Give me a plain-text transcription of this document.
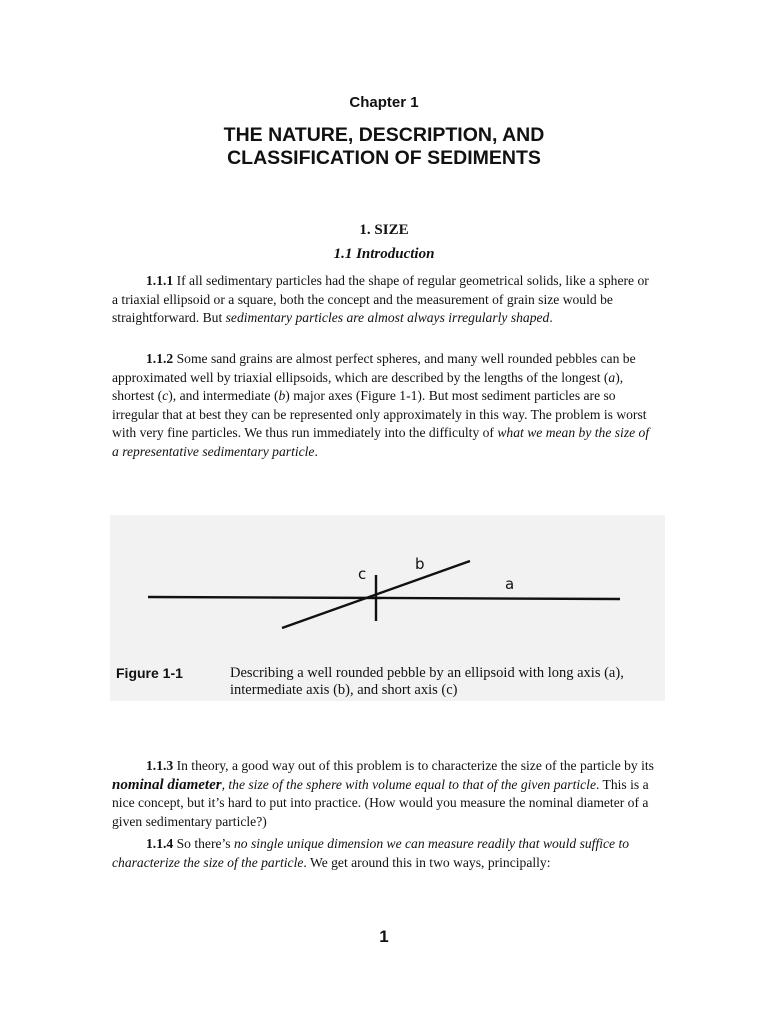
Chapter 1
THE NATURE, DESCRIPTION, AND
CLASSIFICATION OF SEDIMENTS
1. SIZE
1.1 Introduction

1.1.1 If all sedimentary particles had the shape of regular geometrical solids, like a sphere or a triaxial ellipsoid or a square, both the concept and the measurement of grain size would be straightforward. But sedimentary particles are almost always irregularly shaped.

1.1.2 Some sand grains are almost perfect spheres, and many well rounded pebbles can be approximated well by triaxial ellipsoids, which are described by the lengths of the longest (a), shortest (c), and intermediate (b) major axes (Figure 1-1). But most sediment particles are so irregular that at best they can be represented only approximately in this way. The problem is worst with very fine particles. We thus run immediately into the difficulty of what we mean by the size of a representative sedimentary particle.

c
b
a
Figure 1-1	Describing a well rounded pebble by an ellipsoid with long axis (a), intermediate axis (b), and short axis (c)

1.1.3 In theory, a good way out of this problem is to characterize the size of the particle by its nominal diameter, the size of the sphere with volume equal to that of the given particle. This is a nice concept, but it’s hard to put into practice. (How would you measure the nominal diameter of a given sedimentary particle?)

1.1.4 So there’s no single unique dimension we can measure readily that would suffice to characterize the size of the particle. We get around this in two ways, principally:

1
